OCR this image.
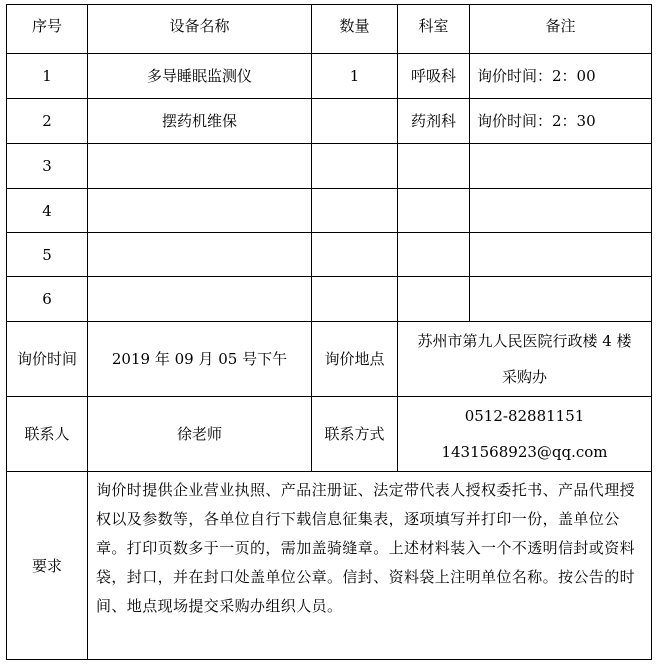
序号	设备名称	数量	科室	备注
1	多导睡眠监测仪	1	呼吸科	询价时间：2：00
2	摆药机维保		药剂科	询价时间：2：30
3				
4				
5				
6				
询价时间	2019 年 09 月 05 号下午	询价地点	苏州市第九人民医院行政楼 4 楼
采购办	

联系人	徐老师	联系方式	0512-82881151
1431568923@qq.com	

要求	询价时提供企业营业执照、产品注册证、法定带代表人授权委托书、产品代理授权以及参数等，各单位自行下载信息征集表，逐项填写并打印一份，盖单位公章。打印页数多于一页的，需加盖骑缝章。上述材料装入一个不透明信封或资料袋，封口，并在封口处盖单位公章。信封、资料袋上注明单位名称。按公告的时间、地点现场提交采购办组织人员。			
